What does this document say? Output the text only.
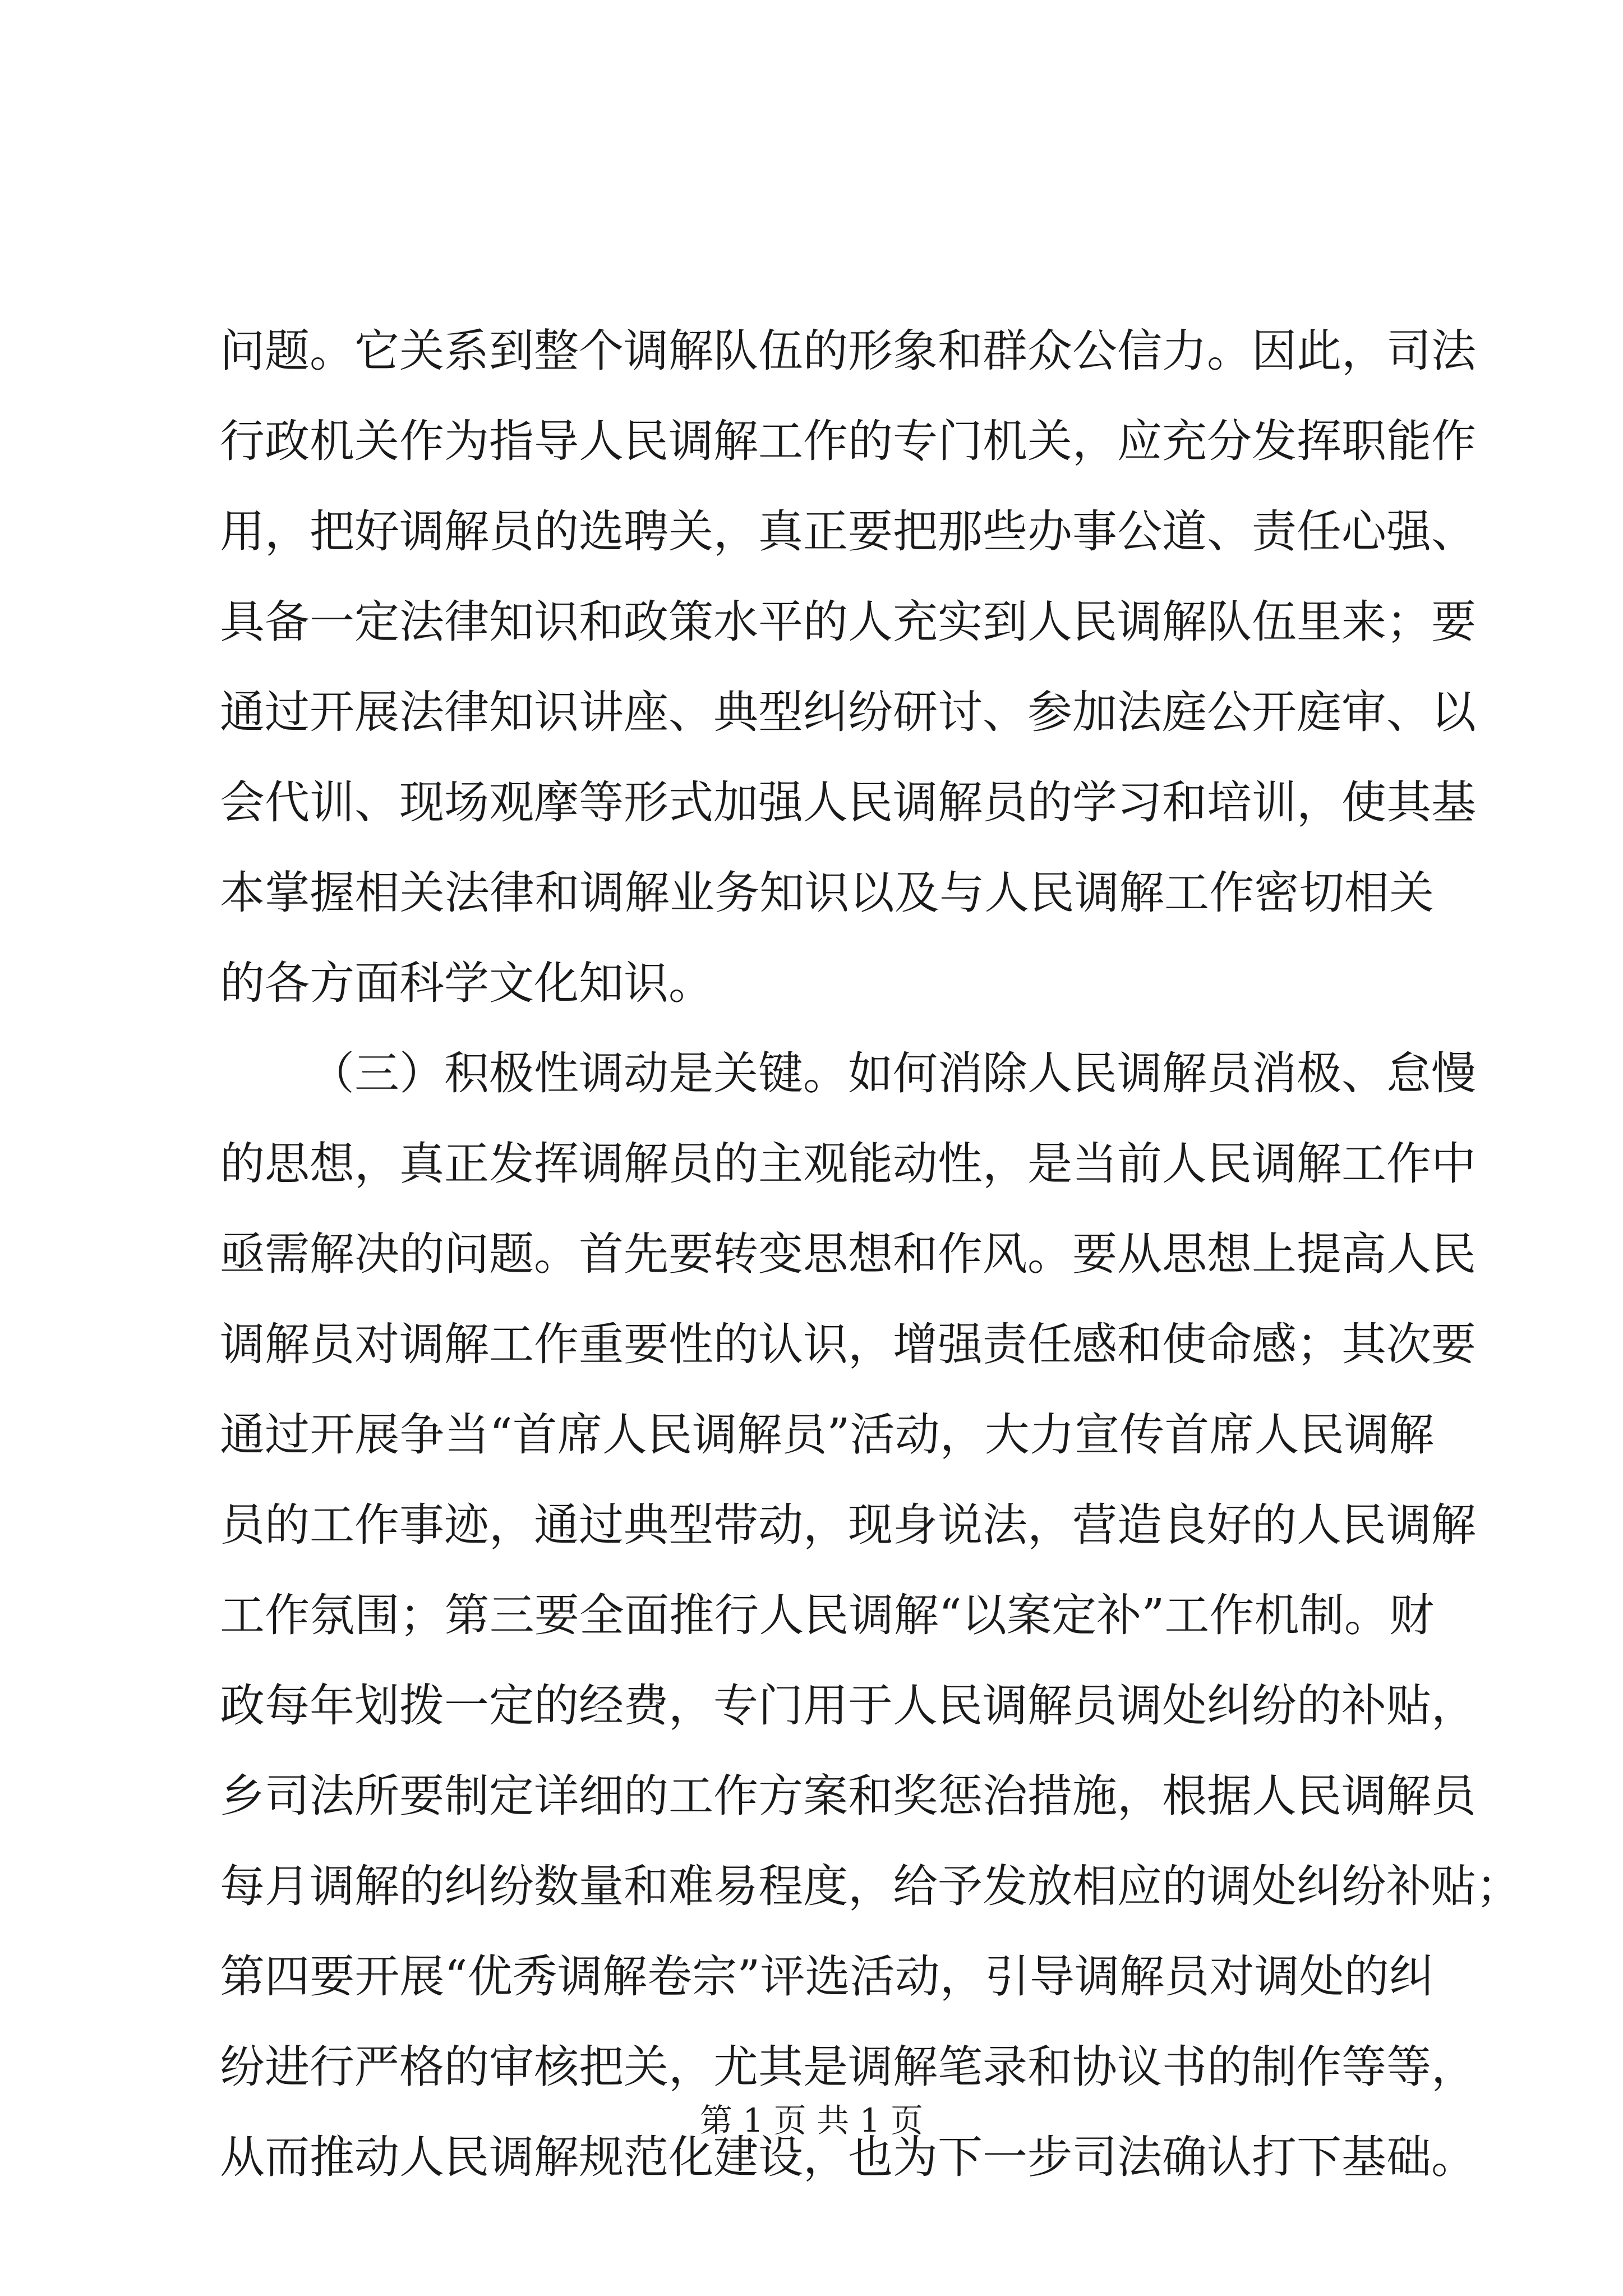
问题。它关系到整个调解队伍的形象和群众公信力。因此，司法
行政机关作为指导人民调解工作的专门机关，应充分发挥职能作
用，把好调解员的选聘关，真正要把那些办事公道、责任心强、
具备一定法律知识和政策水平的人充实到人民调解队伍里来；要
通过开展法律知识讲座、典型纠纷研讨、参加法庭公开庭审、以
会代训、现场观摩等形式加强人民调解员的学习和培训，使其基
本掌握相关法律和调解业务知识以及与人民调解工作密切相关
的各方面科学文化知识。
（三）积极性调动是关键。如何消除人民调解员消极、怠慢
的思想，真正发挥调解员的主观能动性，是当前人民调解工作中
亟需解决的问题。首先要转变思想和作风。要从思想上提高人民
调解员对调解工作重要性的认识，增强责任感和使命感；其次要
通过开展争当“首席人民调解员”活动，大力宣传首席人民调解
员的工作事迹，通过典型带动，现身说法，营造良好的人民调解
工作氛围；第三要全面推行人民调解“以案定补”工作机制。财
政每年划拨一定的经费，专门用于人民调解员调处纠纷的补贴，
乡司法所要制定详细的工作方案和奖惩治措施，根据人民调解员
每月调解的纠纷数量和难易程度，给予发放相应的调处纠纷补贴；
第四要开展“优秀调解卷宗”评选活动，引导调解员对调处的纠
纷进行严格的审核把关，尤其是调解笔录和协议书的制作等等，
从而推动人民调解规范化建设，也为下一步司法确认打下基础。
第 1 页 共 1 页
